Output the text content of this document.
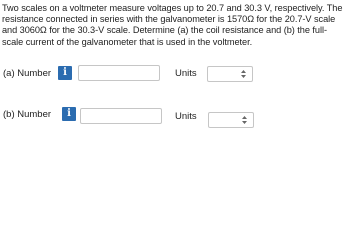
Two scales on a voltmeter measure voltages up to 20.7 and 30.3 V, respectively. The resistance connected in series with the galvanometer is 1570Ω for the 20.7-V scale and 3060Ω for the 30.3-V scale. Determine (a) the coil resistance and (b) the full-scale current of the galvanometer that is used in the voltmeter.
(a) Number	i	Units
(b) Number	i	Units
